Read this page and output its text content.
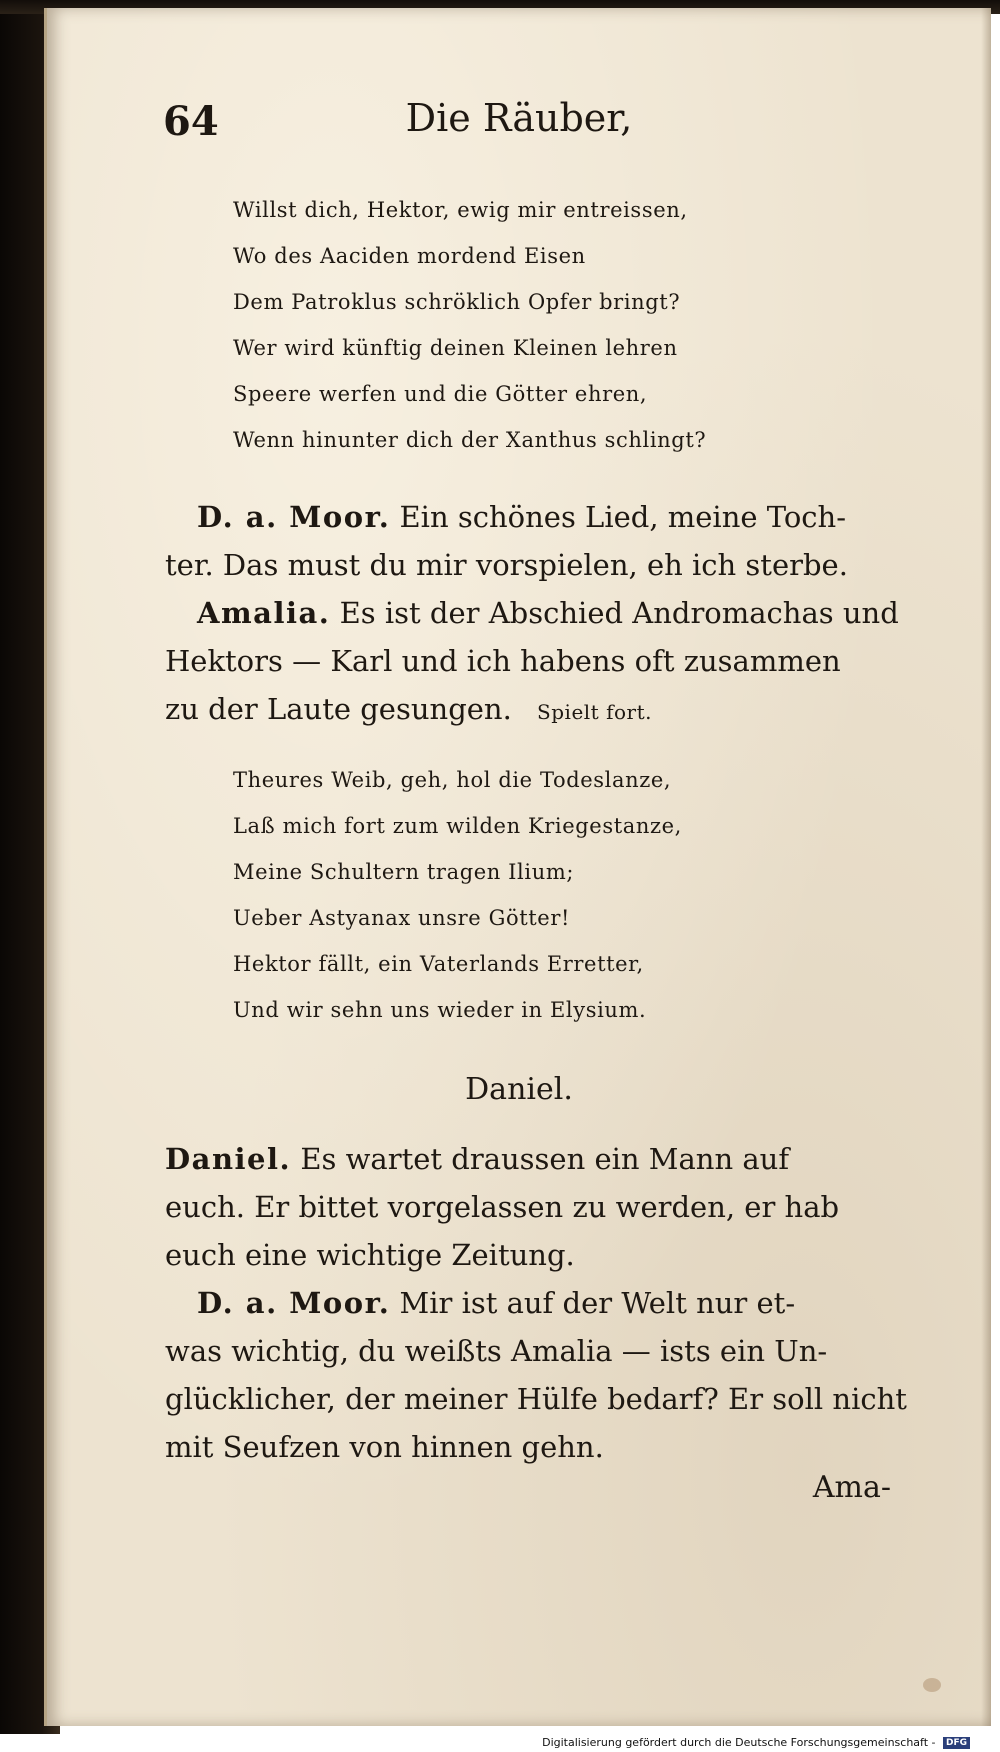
64	Die Räuber,
Willst dich, Hektor, ewig mir entreissen,
Wo des Aaciden mordend Eisen
Dem Patroklus schröklich Opfer bringt?
Wer wird künftig deinen Kleinen lehren
Speere werfen und die Götter ehren,
Wenn hinunter dich der Xanthus schlingt?
D. a. Moor. Ein schönes Lied, meine Toch-
ter. Das must du mir vorspielen, eh ich sterbe.
Amalia. Es ist der Abschied Andromachas und
Hektors — Karl und ich habens oft zusammen
zu der Laute gesungen. Spielt fort.
Theures Weib, geh, hol die Todeslanze,
Laß mich fort zum wilden Kriegestanze,
Meine Schultern tragen Ilium;
Ueber Astyanax unsre Götter!
Hektor fällt, ein Vaterlands Erretter,
Und wir sehn uns wieder in Elysium.
Daniel.
Daniel. Es wartet draussen ein Mann auf
euch. Er bittet vorgelassen zu werden, er hab
euch eine wichtige Zeitung.
D. a. Moor. Mir ist auf der Welt nur et-
was wichtig, du weißts Amalia — ists ein Un-
glücklicher, der meiner Hülfe bedarf? Er soll nicht
mit Seufzen von hinnen gehn.
Ama-
Digitalisierung gefördert durch die Deutsche Forschungsgemeinschaft - DFG
